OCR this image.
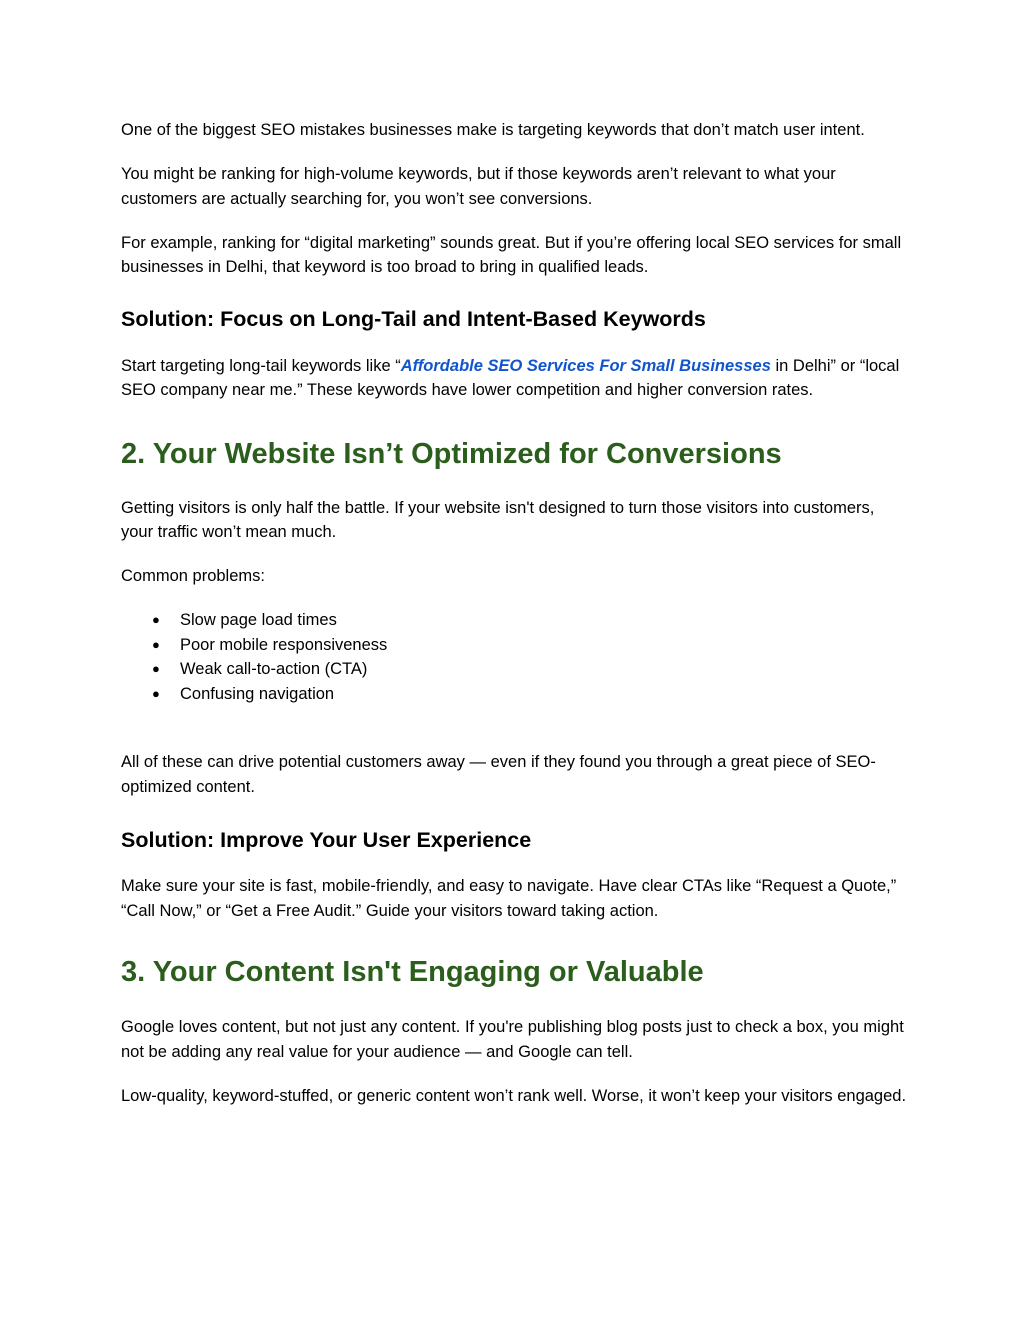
One of the biggest SEO mistakes businesses make is targeting keywords that don’t match user intent.

You might be ranking for high-volume keywords, but if those keywords aren’t relevant to what your customers are actually searching for, you won’t see conversions.

For example, ranking for “digital marketing” sounds great. But if you’re offering local SEO services for small businesses in Delhi, that keyword is too broad to bring in qualified leads.

Solution: Focus on Long-Tail and Intent-Based Keywords

Start targeting long-tail keywords like “Affordable SEO Services For Small Businesses in Delhi” or “local SEO company near me.” These keywords have lower competition and higher conversion rates.

2. Your Website Isn’t Optimized for Conversions

Getting visitors is only half the battle. If your website isn't designed to turn those visitors into customers, your traffic won’t mean much.

Common problems:

● Slow page load times
● Poor mobile responsiveness
● Weak call-to-action (CTA)
● Confusing navigation

All of these can drive potential customers away — even if they found you through a great piece of SEO-optimized content.

Solution: Improve Your User Experience

Make sure your site is fast, mobile-friendly, and easy to navigate. Have clear CTAs like “Request a Quote,” “Call Now,” or “Get a Free Audit.” Guide your visitors toward taking action.

3. Your Content Isn't Engaging or Valuable

Google loves content, but not just any content. If you're publishing blog posts just to check a box, you might not be adding any real value for your audience — and Google can tell.

Low-quality, keyword-stuffed, or generic content won’t rank well. Worse, it won’t keep your visitors engaged.
